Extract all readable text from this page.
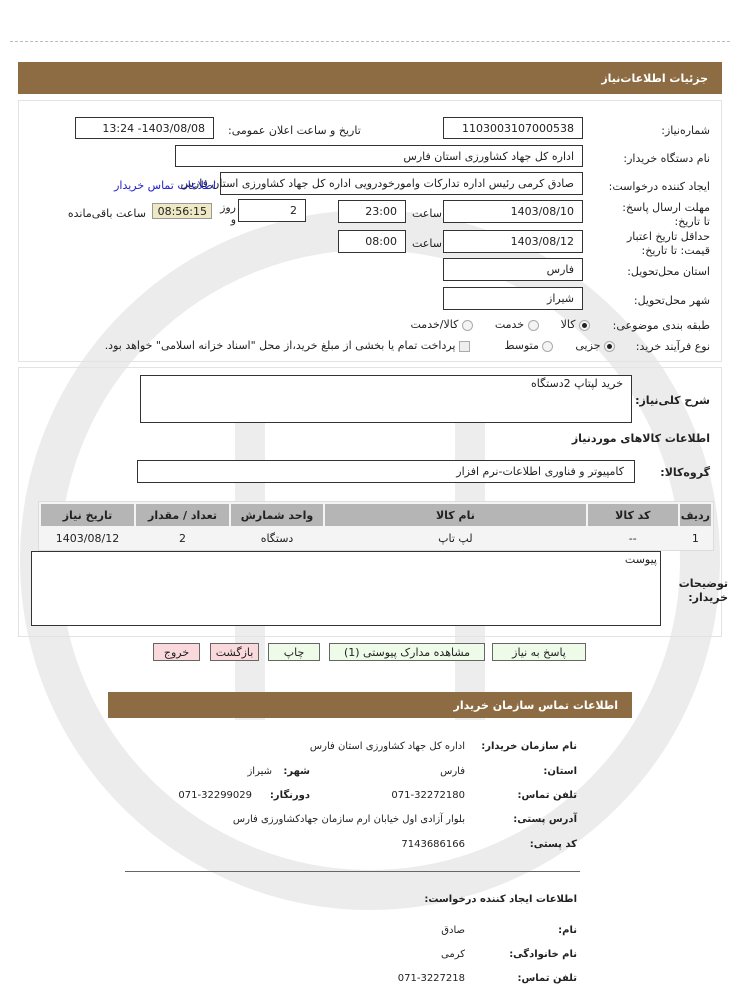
جزئیات اطلاعات‌نیاز
شماره‌نیاز:
1103003107000538
تاریخ و ساعت اعلان عمومی:
1403/08/08- 13:24
نام دستگاه خریدار:
اداره کل جهاد کشاورزی استان فارس
ایجاد کننده درخواست:
صادق کرمی رئیس اداره تدارکات وامورخودرویی اداره کل جهاد کشاورزی استان فارس
اطلاعات تماس خریدار
مهلت ارسال پاسخ: تا تاریخ:
1403/08/10
ساعت
23:00
2
روز و
08:56:15
ساعت باقی‌مانده
حداقل تاریخ اعتبار قیمت: تا تاریخ:
1403/08/12
ساعت
08:00
استان محل‌تحویل:
فارس
شهر محل‌تحویل:
شیراز
طبقه بندی موضوعی:
کالا
خدمت
کالا/خدمت
نوع فرآیند خرید:
جزیی
متوسط
پرداخت تمام یا بخشی از مبلغ خرید،از محل "اسناد خزانه اسلامی" خواهد بود.
شرح کلی‌نیاز:
خرید لپتاپ 2دستگاه
اطلاعات کالاهای موردنیاز
گروه‌کالا:
کامپیوتر و فناوری اطلاعات-نرم افزار
ردیف	کد کالا	نام کالا	واحد شمارش	تعداد / مقدار	تاریخ نیاز
1	--	لپ تاپ	دستگاه	2	1403/08/12
توضیحات خریدار:
پیوست
پاسخ به نیاز
مشاهده مدارک پیوستی (1)
چاپ
بازگشت
خروج
اطلاعات تماس سازمان خریدار
نام سازمان خریدار:
اداره کل جهاد کشاورزی استان فارس
استان:
فارس
شهر:
شیراز
تلفن تماس:
071-32272180
دورنگار:
071-32299029
آدرس پستی:
بلوار آزادی اول خیابان ارم سازمان جهادکشاورزی فارس
کد پستی:
7143686166
اطلاعات ایجاد کننده درخواست:
نام:
صادق
نام خانوادگی:
کرمی
تلفن تماس:
071-3227218
